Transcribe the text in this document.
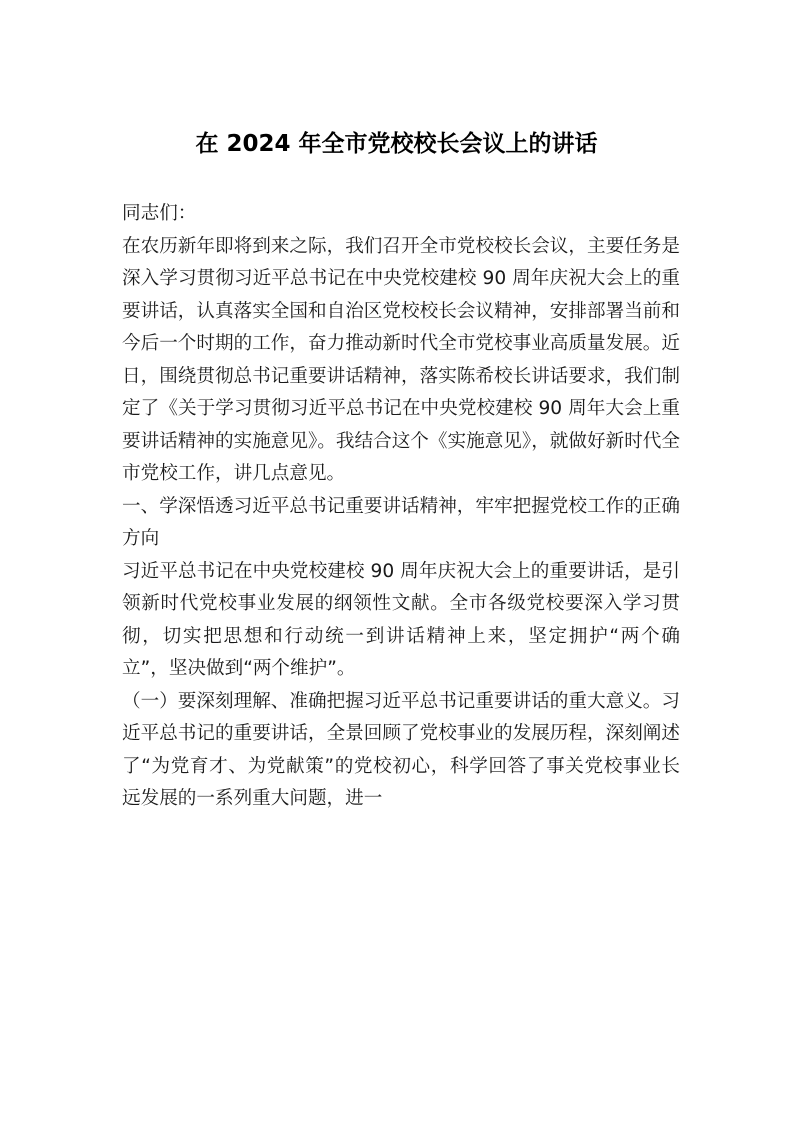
在 2024 年全市党校校长会议上的讲话

同志们：

在农历新年即将到来之际，我们召开全市党校校长会议，主要任务是深入学习贯彻习近平总书记在中央党校建校 90 周年庆祝大会上的重要讲话，认真落实全国和自治区党校校长会议精神，安排部署当前和今后一个时期的工作，奋力推动新时代全市党校事业高质量发展。近日，围绕贯彻总书记重要讲话精神，落实陈希校长讲话要求，我们制定了《关于学习贯彻习近平总书记在中央党校建校 90 周年大会上重要讲话精神的实施意见》。我结合这个《实施意见》，就做好新时代全市党校工作，讲几点意见。

一、学深悟透习近平总书记重要讲话精神，牢牢把握党校工作的正确方向

习近平总书记在中央党校建校 90 周年庆祝大会上的重要讲话，是引领新时代党校事业发展的纲领性文献。全市各级党校要深入学习贯彻，切实把思想和行动统一到讲话精神上来，坚定拥护“两个确立”，坚决做到“两个维护”。

（一）要深刻理解、准确把握习近平总书记重要讲话的重大意义。习近平总书记的重要讲话，全景回顾了党校事业的发展历程，深刻阐述了“为党育才、为党献策”的党校初心，科学回答了事关党校事业长远发展的一系列重大问题，进一
